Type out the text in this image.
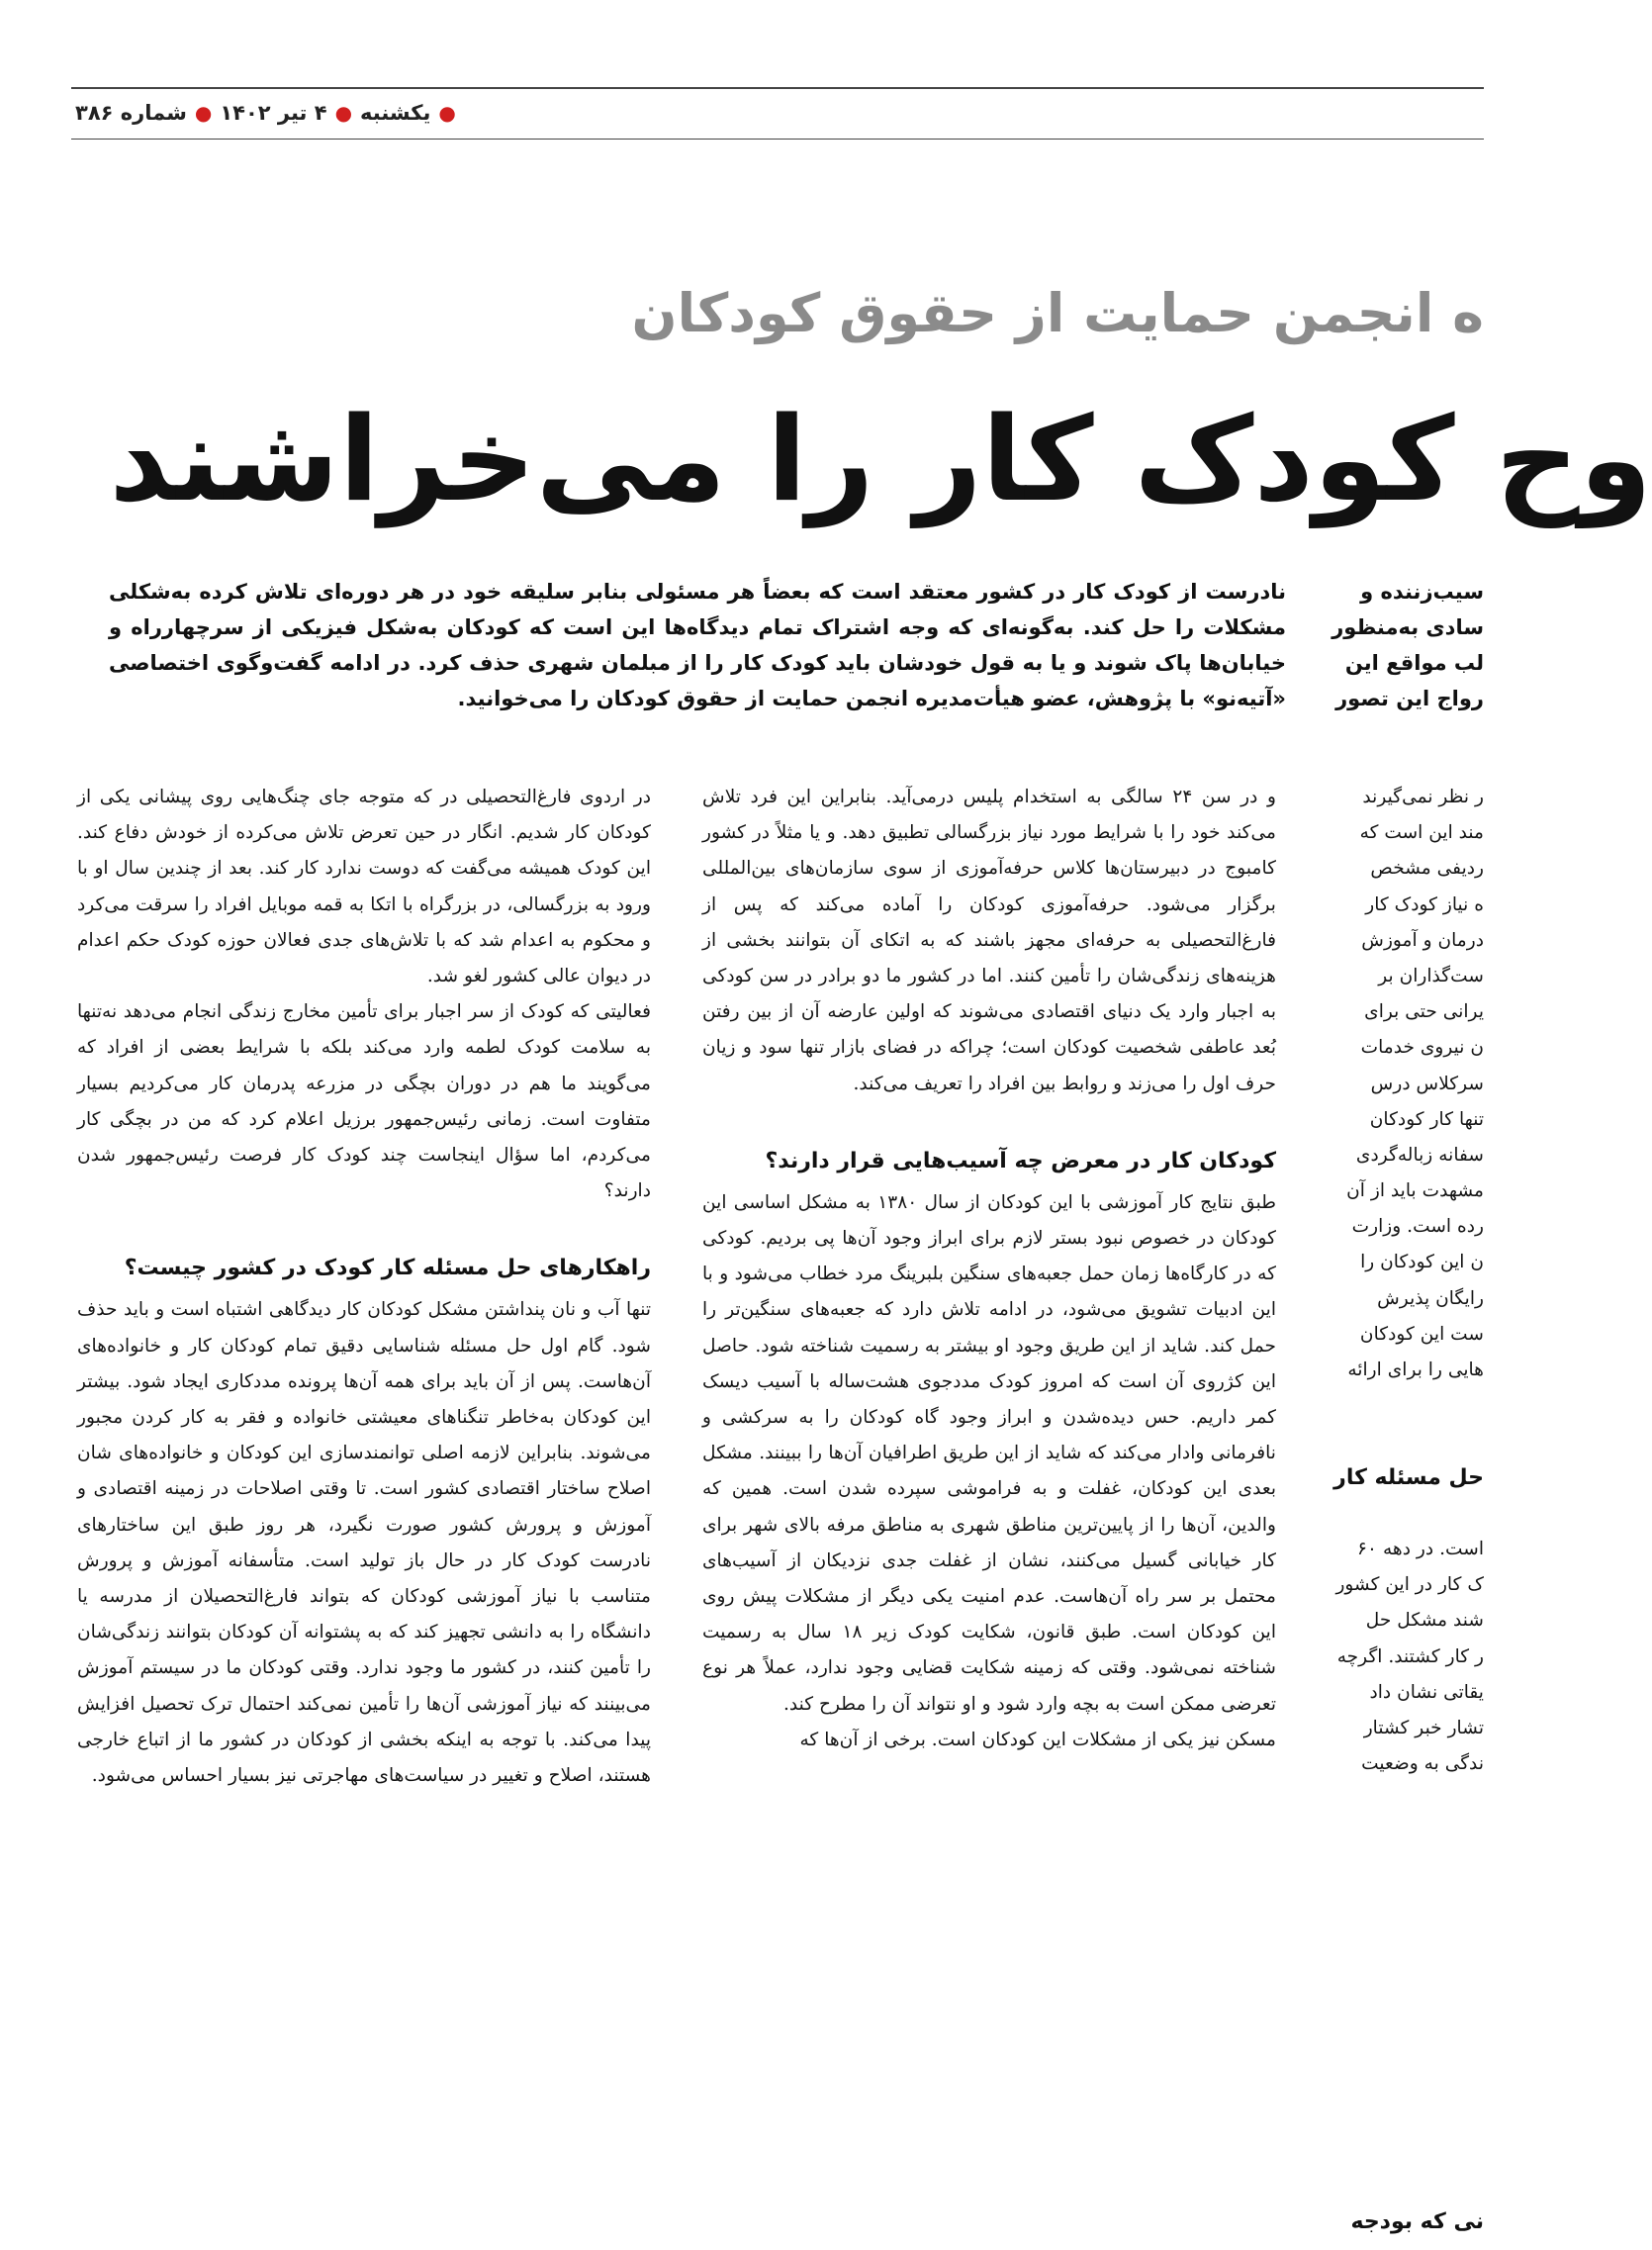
●
یکشنبه
●
۴ تیر ۱۴۰۲
●
شماره ۳۸۶
ه انجمن حمایت از حقوق کودکان
وح کودک کار را می‌خراشند

نادرست از کودک کار در کشور معتقد است که بعضاً هر مسئولی بنابر سلیقه خود در هر دوره‌ای تلاش کرده به‌شکلی مشکلات را حل کند. به‌گونه‌ای که وجه اشتراک تمام دیدگاه‌ها این است که کودکان به‌شکل فیزیکی از سرچهارراه و خیابان‌ها پاک شوند و یا به قول خودشان باید کودک کار را از مبلمان شهری حذف کرد. در ادامه گفت‌وگوی اختصاصی «آتیه‌نو» با پژوهش، عضو هیأت‌مدیره انجمن حمایت از حقوق کودکان را می‌خوانید.

سیب‌زننده و
سادی به‌منظور
لب مواقع این
رواج این تصور

و در سن ۲۴ سالگی به استخدام پلیس درمی‌آید. بنابراین این فرد تلاش می‌کند خود را با شرایط مورد نیاز بزرگسالی تطبیق دهد. و یا مثلاً در کشور کامبوج در دبیرستان‌ها کلاس حرفه‌آموزی از سوی سازمان‌های بین‌المللی برگزار می‌شود. حرفه‌آموزی کودکان را آماده می‌کند که پس از فارغ‌التحصیلی به حرفه‌ای مجهز باشند که به اتکای آن بتوانند بخشی از هزینه‌های زندگی‌شان را تأمین کنند. اما در کشور ما دو برادر در سن کودکی به اجبار وارد یک دنیای اقتصادی می‌شوند که اولین عارضه آن از بین رفتن بُعد عاطفی شخصیت کودکان است؛ چراکه در فضای بازار تنها سود و زیان حرف اول را می‌زند و روابط بین افراد را تعریف می‌کند.

کودکان کار در معرض چه آسیب‌هایی قرار دارند؟

طبق نتایج کار آموزشی با این کودکان از سال ۱۳۸۰ به مشکل اساسی این کودکان در خصوص نبود بستر لازم برای ابراز وجود آن‌ها پی بردیم. کودکی که در کارگاه‌ها زمان حمل جعبه‌های سنگین بلبرینگ مرد خطاب می‌شود و با این ادبیات تشویق می‌شود، در ادامه تلاش دارد که جعبه‌های سنگین‌تر را حمل کند. شاید از این طریق وجود او بیشتر به رسمیت شناخته شود. حاصل این کژروی آن است که امروز کودک مددجوی هشت‌ساله با آسیب دیسک کمر داریم. حس دیده‌شدن و ابراز وجود گاه کودکان را به سرکشی و نافرمانی وادار می‌کند که شاید از این طریق اطرافیان آن‌ها را ببینند. مشکل بعدی این کودکان، غفلت و به فراموشی سپرده شدن است. همین که والدین، آن‌ها را از پایین‌ترین مناطق شهری به مناطق مرفه بالای شهر برای کار خیابانی گسیل می‌کنند، نشان از غفلت جدی نزدیکان از آسیب‌های محتمل بر سر راه آن‌هاست. عدم امنیت یکی دیگر از مشکلات پیش روی این کودکان است. طبق قانون، شکایت کودک زیر ۱۸ سال به رسمیت شناخته نمی‌شود. وقتی که زمینه شکایت قضایی وجود ندارد، عملاً هر نوع تعرضی ممکن است به بچه وارد شود و او نتواند آن را مطرح کند.

مسکن نیز یکی از مشکلات این کودکان است. برخی از آن‌ها که

در اردوی فارغ‌التحصیلی در که متوجه جای چنگ‌هایی روی پیشانی یکی از کودکان کار شدیم. انگار در حین تعرض تلاش می‌کرده از خودش دفاع کند. این کودک همیشه می‌گفت که دوست ندارد کار کند. بعد از چندین سال او با ورود به بزرگسالی، در بزرگراه با اتکا به قمه موبایل افراد را سرقت می‌کرد و محکوم به اعدام شد که با تلاش‌های جدی فعالان حوزه کودک حکم اعدام در دیوان عالی کشور لغو شد.

فعالیتی که کودک از سر اجبار برای تأمین مخارج زندگی انجام می‌دهد نه‌تنها به سلامت کودک لطمه وارد می‌کند بلکه با شرایط بعضی از افراد که می‌گویند ما هم در دوران بچگی در مزرعه پدرمان کار می‌کردیم بسیار متفاوت است. زمانی رئیس‌جمهور برزیل اعلام کرد که من در بچگی کار می‌کردم، اما سؤال اینجاست چند کودک کار فرصت رئیس‌جمهور شدن دارند؟

راهکارهای حل مسئله کار کودک در کشور چیست؟

تنها آب و نان پنداشتن مشکل کودکان کار دیدگاهی اشتباه است و باید حذف شود. گام اول حل مسئله شناسایی دقیق تمام کودکان کار و خانواده‌های آن‌هاست. پس از آن باید برای همه آن‌ها پرونده مددکاری ایجاد شود. بیشتر این کودکان به‌خاطر تنگناهای معیشتی خانواده و فقر به کار کردن مجبور می‌شوند. بنابراین لازمه اصلی توانمندسازی این کودکان و خانواده‌های شان اصلاح ساختار اقتصادی کشور است. تا وقتی اصلاحات در زمینه اقتصادی و آموزش و پرورش کشور صورت نگیرد، هر روز طبق این ساختارهای نادرست کودک کار در حال باز تولید است. متأسفانه آموزش و پرورش متناسب با نیاز آموزشی کودکان که بتواند فارغ‌التحصیلان از مدرسه یا دانشگاه را به دانشی تجهیز کند که به پشتوانه آن کودکان بتوانند زندگی‌شان را تأمین کنند، در کشور ما وجود ندارد. وقتی کودکان ما در سیستم آموزش می‌بینند که نیاز آموزشی آن‌ها را تأمین نمی‌کند احتمال ترک تحصیل افزایش پیدا می‌کند. با توجه به اینکه بخشی از کودکان در کشور ما از اتباع خارجی هستند، اصلاح و تغییر در سیاست‌های مهاجرتی نیز بسیار احساس می‌شود.

ر نظر نمی‌گیرند
مند این است که
ردیفی مشخص
ه نیاز کودک کار
درمان و آموزش
ست‌گذاران بر
یرانی حتی برای
ن نیروی خدمات
سرکلاس درس
تنها کار کودکان
سفانه زباله‌گردی
مشهدت باید از آن
رده است. وزارت
ن این کودکان را
رایگان پذیرش
ست این کودکان
هایی را برای ارائه
حل مسئله کار
است. در دهه ۶۰
ک کار در این کشور
شند مشکل حل
ر کار کشتند. اگرچه
یقاتی نشان داد
تشار خبر کشتار
ندگی به وضعیت
نی که بودجه
